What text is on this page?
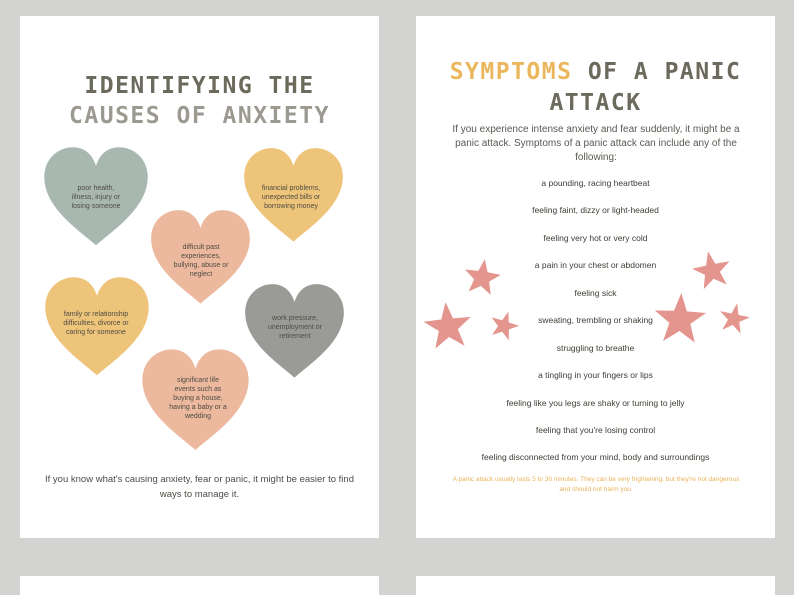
IDENTIFYING THE
CAUSES OF ANXIETY
poor health, illness, injury or losing someone
financial problems, unexpected bills or borrowing money
difficult past experiences, bullying, abuse or neglect
family or relationship difficulties, divorce or caring for someone
work pressure, unemployment or retirement
significant life events such as buying a house, having a baby or a wedding
If you know what's causing anxiety, fear or panic, it might be easier to find ways to manage it.
SYMPTOMS OF A PANIC
ATTACK
If you experience intense anxiety and fear suddenly, it might be a panic attack. Symptoms of a panic attack can include any of the following:
a pounding, racing heartbeat
feeling faint, dizzy or light-headed
feeling very hot or very cold
a pain in your chest or abdomen
feeling sick
sweating, trembling or shaking
struggling to breathe
a tingling in your fingers or lips
feeling like you legs are shaky or turning to jelly
feeling that you're losing control
feeling disconnected from your mind, body and surroundings
A panic attack usually lasts 5 to 30 minutes. They can be very frightening, but they're not dangerous and should not harm you.
